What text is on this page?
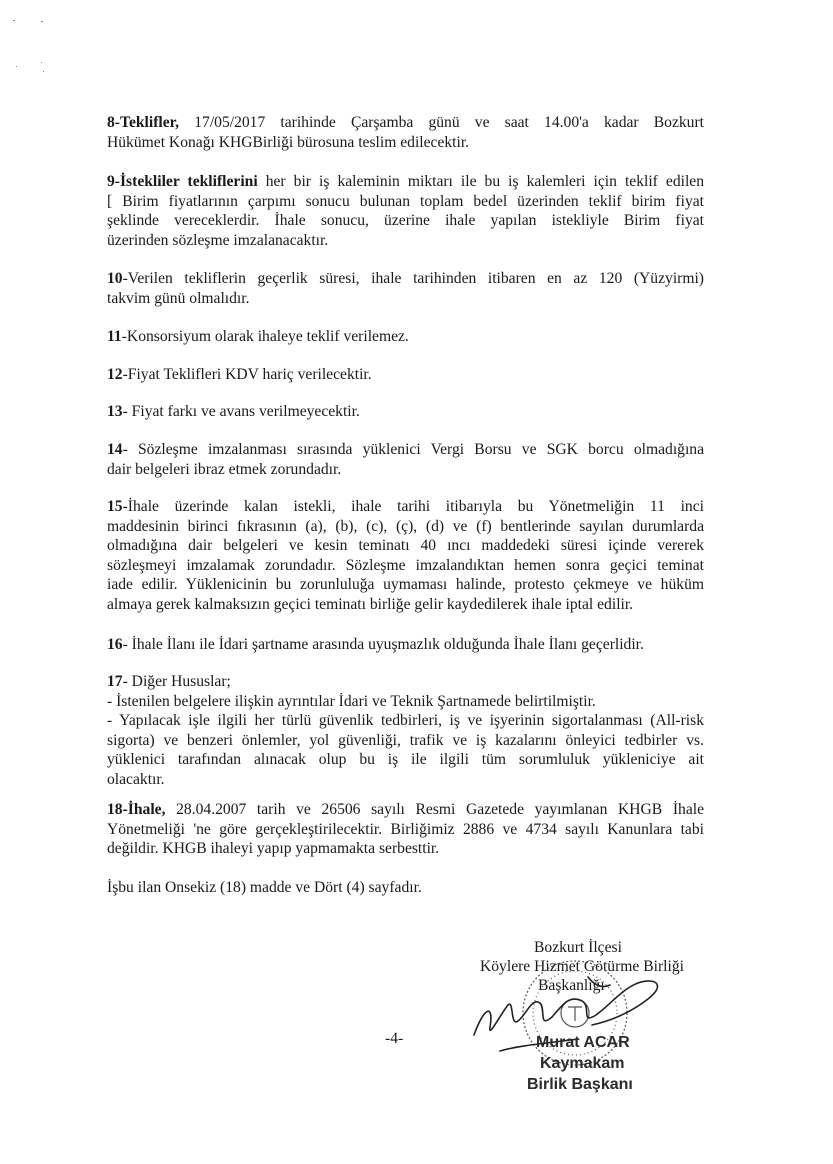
8-Teklifler, 17/05/2017 tarihinde Çarşamba günü ve saat 14.00'a kadar Bozkurt
Hükümet Konağı KHGBirliği bürosuna teslim edilecektir.

9-İstekliler tekliflerini her bir iş kaleminin miktarı ile bu iş kalemleri için teklif edilen
[ Birim fiyatlarının çarpımı sonucu bulunan toplam bedel üzerinden teklif birim fiyat
şeklinde vereceklerdir. İhale sonucu, üzerine ihale yapılan istekliyle Birim fiyat
üzerinden sözleşme imzalanacaktır.

10-Verilen tekliflerin geçerlik süresi, ihale tarihinden itibaren en az 120 (Yüzyirmi)
takvim günü olmalıdır.

11-Konsorsiyum olarak ihaleye teklif verilemez.

12-Fiyat Teklifleri KDV hariç verilecektir.

13- Fiyat farkı ve avans verilmeyecektir.

14- Sözleşme imzalanması sırasında yüklenici Vergi Borsu ve SGK borcu olmadığına
dair belgeleri ibraz etmek zorundadır.

15-İhale üzerinde kalan istekli, ihale tarihi itibarıyla bu Yönetmeliğin 11 inci
maddesinin birinci fıkrasının (a), (b), (c), (ç), (d) ve (f) bentlerinde sayılan durumlarda
olmadığına dair belgeleri ve kesin teminatı 40 ıncı maddedeki süresi içinde vererek
sözleşmeyi imzalamak zorundadır. Sözleşme imzalandıktan hemen sonra geçici teminat
iade edilir. Yüklenicinin bu zorunluluğa uymaması halinde, protesto çekmeye ve hüküm
almaya gerek kalmaksızın geçici teminatı birliğe gelir kaydedilerek ihale iptal edilir.

16- İhale İlanı ile İdari şartname arasında uyuşmazlık olduğunda İhale İlanı geçerlidir.

17- Diğer Hususlar;
- İstenilen belgelere ilişkin ayrıntılar İdari ve Teknik Şartnamede belirtilmiştir.
- Yapılacak işle ilgili her türlü güvenlik tedbirleri, iş ve işyerinin sigortalanması (All-risk
sigorta) ve benzeri önlemler, yol güvenliği, trafik ve iş kazalarını önleyici tedbirler vs.
yüklenici tarafından alınacak olup bu iş ile ilgili tüm sorumluluk yükleniciye ait
olacaktır.

18-İhale, 28.04.2007 tarih ve 26506 sayılı Resmi Gazetede yayımlanan KHGB İhale
Yönetmeliği 'ne göre gerçekleştirilecektir. Birliğimiz 2886 ve 4734 sayılı Kanunlara tabi
değildir. KHGB ihaleyi yapıp yapmamakta serbesttir.

İşbu ilan Onsekiz (18) madde ve Dört (4) sayfadır.

Bozkurt İlçesi
Köylere Hizmet Götürme Birliği
Başkanlığı
Murat ACAR
Kaymakam
Birlik Başkanı
-4-
